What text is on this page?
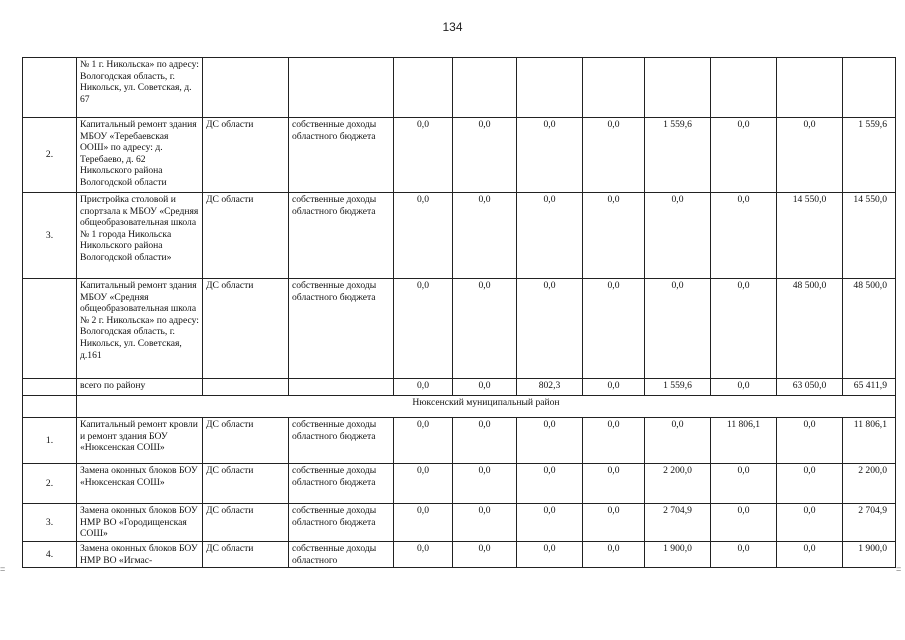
134
	№ 1 г. Никольска» по адресу: Вологодская область, г. Никольск, ул. Советская, д. 67										
2.	Капитальный ремонт здания МБОУ «Теребаевская ООШ» по адресу: д. Теребаево, д. 62 Никольского района Вологодской области	ДС области	собственные доходы областного бюджета	0,0	0,0	0,0	0,0	1 559,6	0,0	0,0	1 559,6
3.	Пристройка столовой и спортзала к МБОУ «Средняя общеобразовательная школа № 1 города Никольска Никольского района Вологодской области»	ДС области	собственные доходы областного бюджета	0,0	0,0	0,0	0,0	0,0	0,0	14 550,0	14 550,0
	Капитальный ремонт здания МБОУ «Средняя общеобразовательная школа № 2 г. Никольска» по адресу: Вологодская область, г. Никольск, ул. Советская, д.161	ДС области	собственные доходы областного бюджета	0,0	0,0	0,0	0,0	0,0	0,0	48 500,0	48 500,0
	всего по району			0,0	0,0	802,3	0,0	1 559,6	0,0	63 050,0	65 411,9
	Нюксенский муниципальный район										
1.	Капитальный ремонт кровли и ремонт здания БОУ «Нюксенская СОШ»	ДС области	собственные доходы областного бюджета	0,0	0,0	0,0	0,0	0,0	11 806,1	0,0	11 806,1
2.	Замена оконных блоков БОУ «Нюксенская СОШ»	ДС области	собственные доходы областного бюджета	0,0	0,0	0,0	0,0	2 200,0	0,0	0,0	2 200,0
3.	Замена оконных блоков БОУ НМР ВО «Городищенская СОШ»	ДС области	собственные доходы областного бюджета	0,0	0,0	0,0	0,0	2 704,9	0,0	0,0	2 704,9
4.	Замена оконных блоков БОУ НМР ВО «Игмас-	ДС области	собственные доходы областного	0,0	0,0	0,0	0,0	1 900,0	0,0	0,0	1 900,0
=	=
